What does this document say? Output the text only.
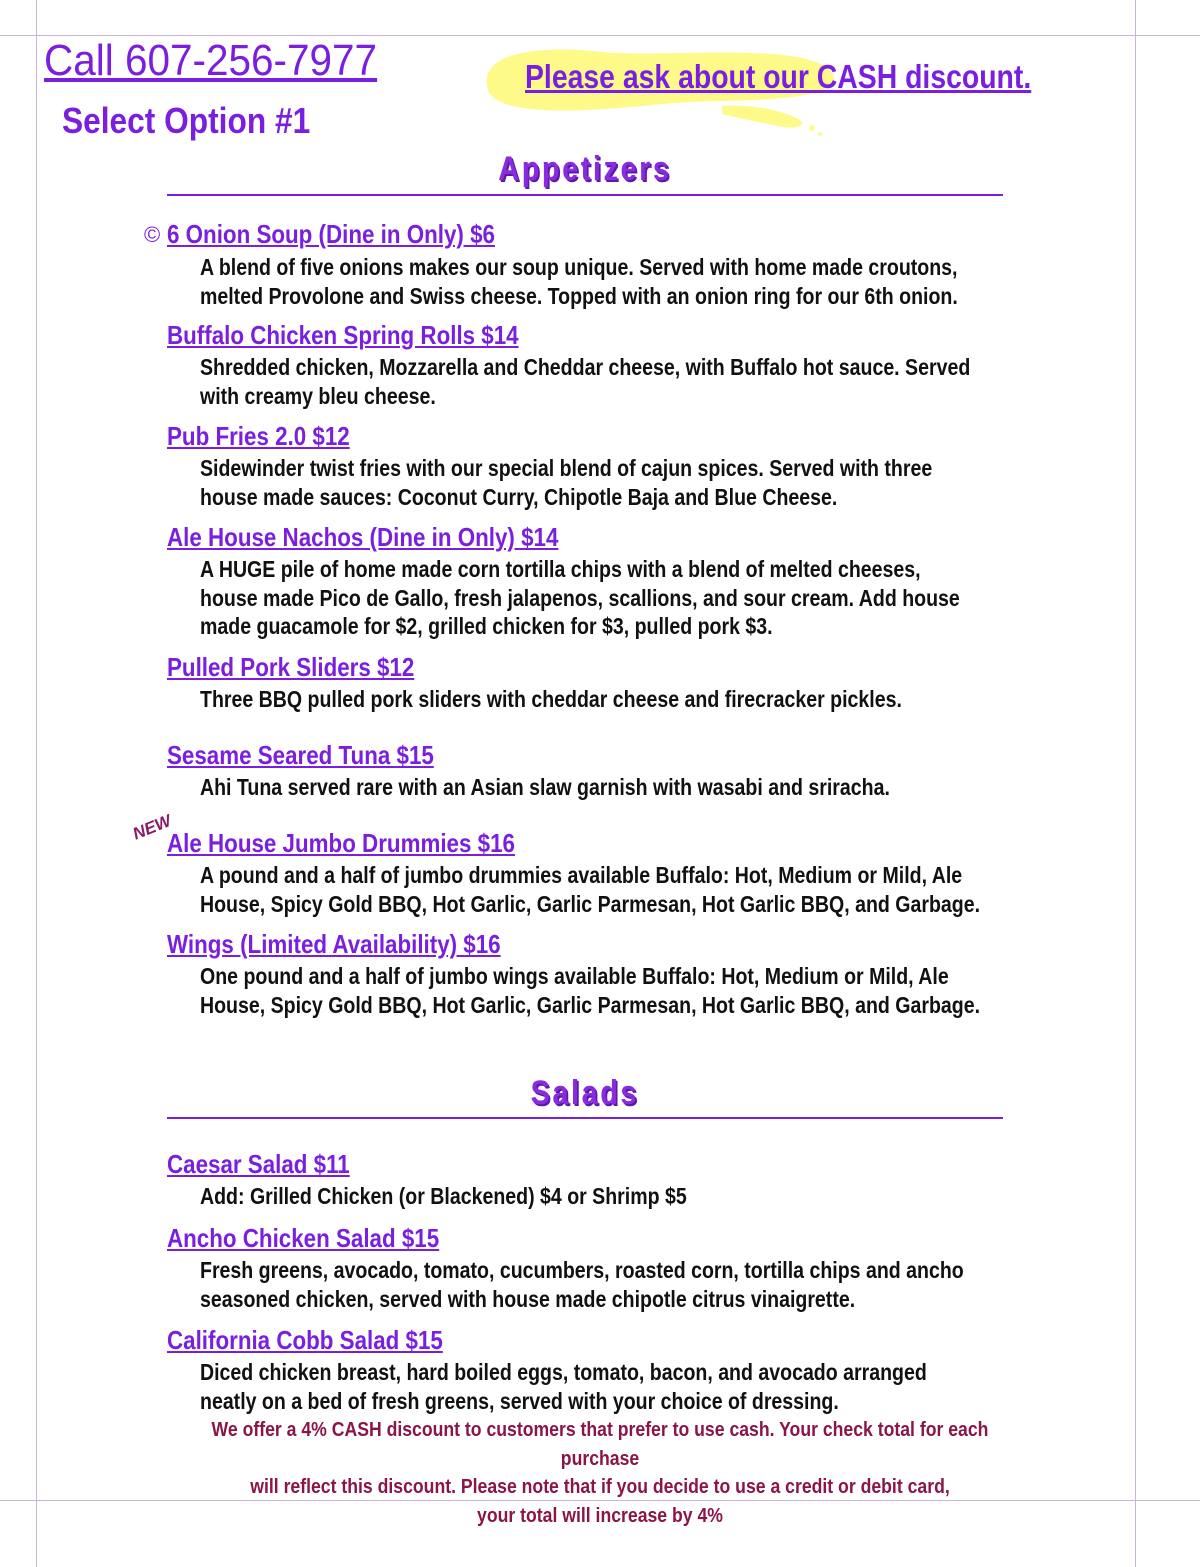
Call 607-256-7977
Select Option #1
Please ask about our CASH discount.
Appetizers
© 6 Onion Soup (Dine in Only) $6
A blend of five onions makes our soup unique. Served with home made croutons,
melted Provolone and Swiss cheese. Topped with an onion ring for our 6th onion.
Buffalo Chicken Spring Rolls $14
Shredded chicken, Mozzarella and Cheddar cheese, with Buffalo hot sauce. Served
with creamy bleu cheese.
Pub Fries 2.0 $12
Sidewinder twist fries with our special blend of cajun spices. Served with three
house made sauces: Coconut Curry, Chipotle Baja and Blue Cheese.
Ale House Nachos (Dine in Only) $14
A HUGE pile of home made corn tortilla chips with a blend of melted cheeses,
house made Pico de Gallo, fresh jalapenos, scallions, and sour cream. Add house
made guacamole for $2, grilled chicken for $3, pulled pork $3.
Pulled Pork Sliders $12
Three BBQ pulled pork sliders with cheddar cheese and firecracker pickles.
Sesame Seared Tuna $15
Ahi Tuna served rare with an Asian slaw garnish with wasabi and sriracha.
NEW
Ale House Jumbo Drummies $16
A pound and a half of jumbo drummies available Buffalo: Hot, Medium or Mild, Ale
House, Spicy Gold BBQ, Hot Garlic, Garlic Parmesan, Hot Garlic BBQ, and Garbage.
Wings (Limited Availability) $16
One pound and a half of jumbo wings available Buffalo: Hot, Medium or Mild, Ale
House, Spicy Gold BBQ, Hot Garlic, Garlic Parmesan, Hot Garlic BBQ, and Garbage.
Salads
Caesar Salad $11
Add: Grilled Chicken (or Blackened) $4 or Shrimp $5
Ancho Chicken Salad $15
Fresh greens, avocado, tomato, cucumbers, roasted corn, tortilla chips and ancho
seasoned chicken, served with house made chipotle citrus vinaigrette.
California Cobb Salad $15
Diced chicken breast, hard boiled eggs, tomato, bacon, and avocado arranged
neatly on a bed of fresh greens, served with your choice of dressing.
We offer a 4% CASH discount to customers that prefer to use cash. Your check total for each purchase
will reflect this discount. Please note that if you decide to use a credit or debit card,
your total will increase by 4%
